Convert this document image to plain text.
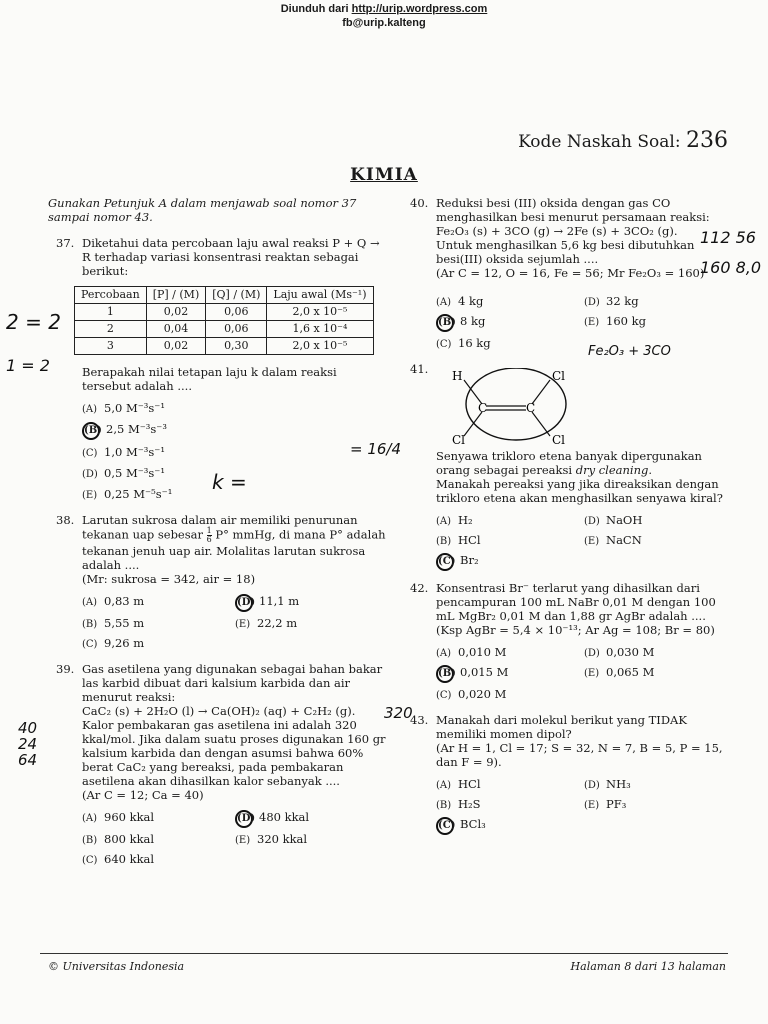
Diunduh dari http://urip.wordpress.com
fb@urip.kalteng
Kode Naskah Soal: 236
KIMIA
Gunakan Petunjuk A dalam menjawab soal nomor 37 sampai nomor 43.
37. Diketahui data percobaan laju awal reaksi P + Q → R terhadap variasi konsentrasi reaktan sebagai berikut:

Percobaan	[P] / (M)	[Q] / (M)	Laju awal (Ms⁻¹)
1	0,02	0,06	2,0 x 10⁻⁵
2	0,04	0,06	1,6 x 10⁻⁴
3	0,02	0,30	2,0 x 10⁻⁵

Berapakah nilai tetapan laju k dalam reaksi tersebut adalah ....

(A) 5,0 M⁻³s⁻¹
(B) 2,5 M⁻³s⁻³
(C) 1,0 M⁻³s⁻¹
(D) 0,5 M⁻³s⁻¹
(E) 0,25 M⁻⁵s⁻¹
38. Larutan sukrosa dalam air memiliki penurunan tekanan uap sebesar $\frac{1}{6} P^\circ$ mmHg, di mana P° adalah tekanan jenuh uap air. Molalitas larutan sukrosa adalah ....

(Mr: sukrosa = 342, air = 18)

(A) 0,83 m	(D) 11,1 m
(B) 5,55 m	(E) 22,2 m
(C) 9,26 m
39. Gas asetilena yang digunakan sebagai bahan bakar las karbid dibuat dari kalsium karbida dan air menurut reaksi:

CaC₂ (s) + 2H₂O (l) → Ca(OH)₂ (aq) + C₂H₂ (g).

Kalor pembakaran gas asetilena ini adalah 320 kkal/mol. Jika dalam suatu proses digunakan 160 gr kalsium karbida dan dengan asumsi bahwa 60% berat CaC₂ yang bereaksi, pada pembakaran asetilena akan dihasilkan kalor sebanyak ....

(Ar C = 12; Ca = 40)

(A) 960 kkal	(D) 480 kkal
(B) 800 kkal	(E) 320 kkal
(C) 640 kkal
40. Reduksi besi (III) oksida dengan gas CO menghasilkan besi menurut persamaan reaksi:

Fe₂O₃ (s) + 3CO (g) → 2Fe (s) + 3CO₂ (g).

Untuk menghasilkan 5,6 kg besi dibutuhkan besi(III) oksida sejumlah ....

(Ar C = 12, O = 16, Fe = 56; Mr Fe₂O₃ = 160)

(A) 4 kg	(D) 32 kg
(B) 8 kg	(E) 160 kg
(C) 16 kg
41. H
Cl
Cl
Cl
C	C

Senyawa trikloro etena banyak dipergunakan orang sebagai pereaksi dry cleaning.

Manakah pereaksi yang jika direaksikan dengan trikloro etena akan menghasilkan senyawa kiral?

(A) H₂	(D) NaOH
(B) HCl	(E) NaCN
(C) Br₂
42. Konsentrasi Br⁻ terlarut yang dihasilkan dari pencampuran 100 mL NaBr 0,01 M dengan 100 mL MgBr₂ 0,01 M dan 1,88 gr AgBr adalah ....

(Ksp AgBr = 5,4 × 10⁻¹³; Ar Ag = 108; Br = 80)

(A) 0,010 M	(D) 0,030 M
(B) 0,015 M	(E) 0,065 M
(C) 0,020 M
43. Manakah dari molekul berikut yang TIDAK memiliki momen dipol?

(Ar H = 1, Cl = 17; S = 32, N = 7, B = 5, P = 15, dan F = 9).

(A) HCl	(D) NH₃
(B) H₂S	(E) PF₃
(C) BCl₃
2 = 2
1 = 2
112 56
160 8,0
Fe₂O₃ + 3CO
40 24 64
320
= 16/4
k =
© Universitas Indonesia	Halaman 8 dari 13 halaman
